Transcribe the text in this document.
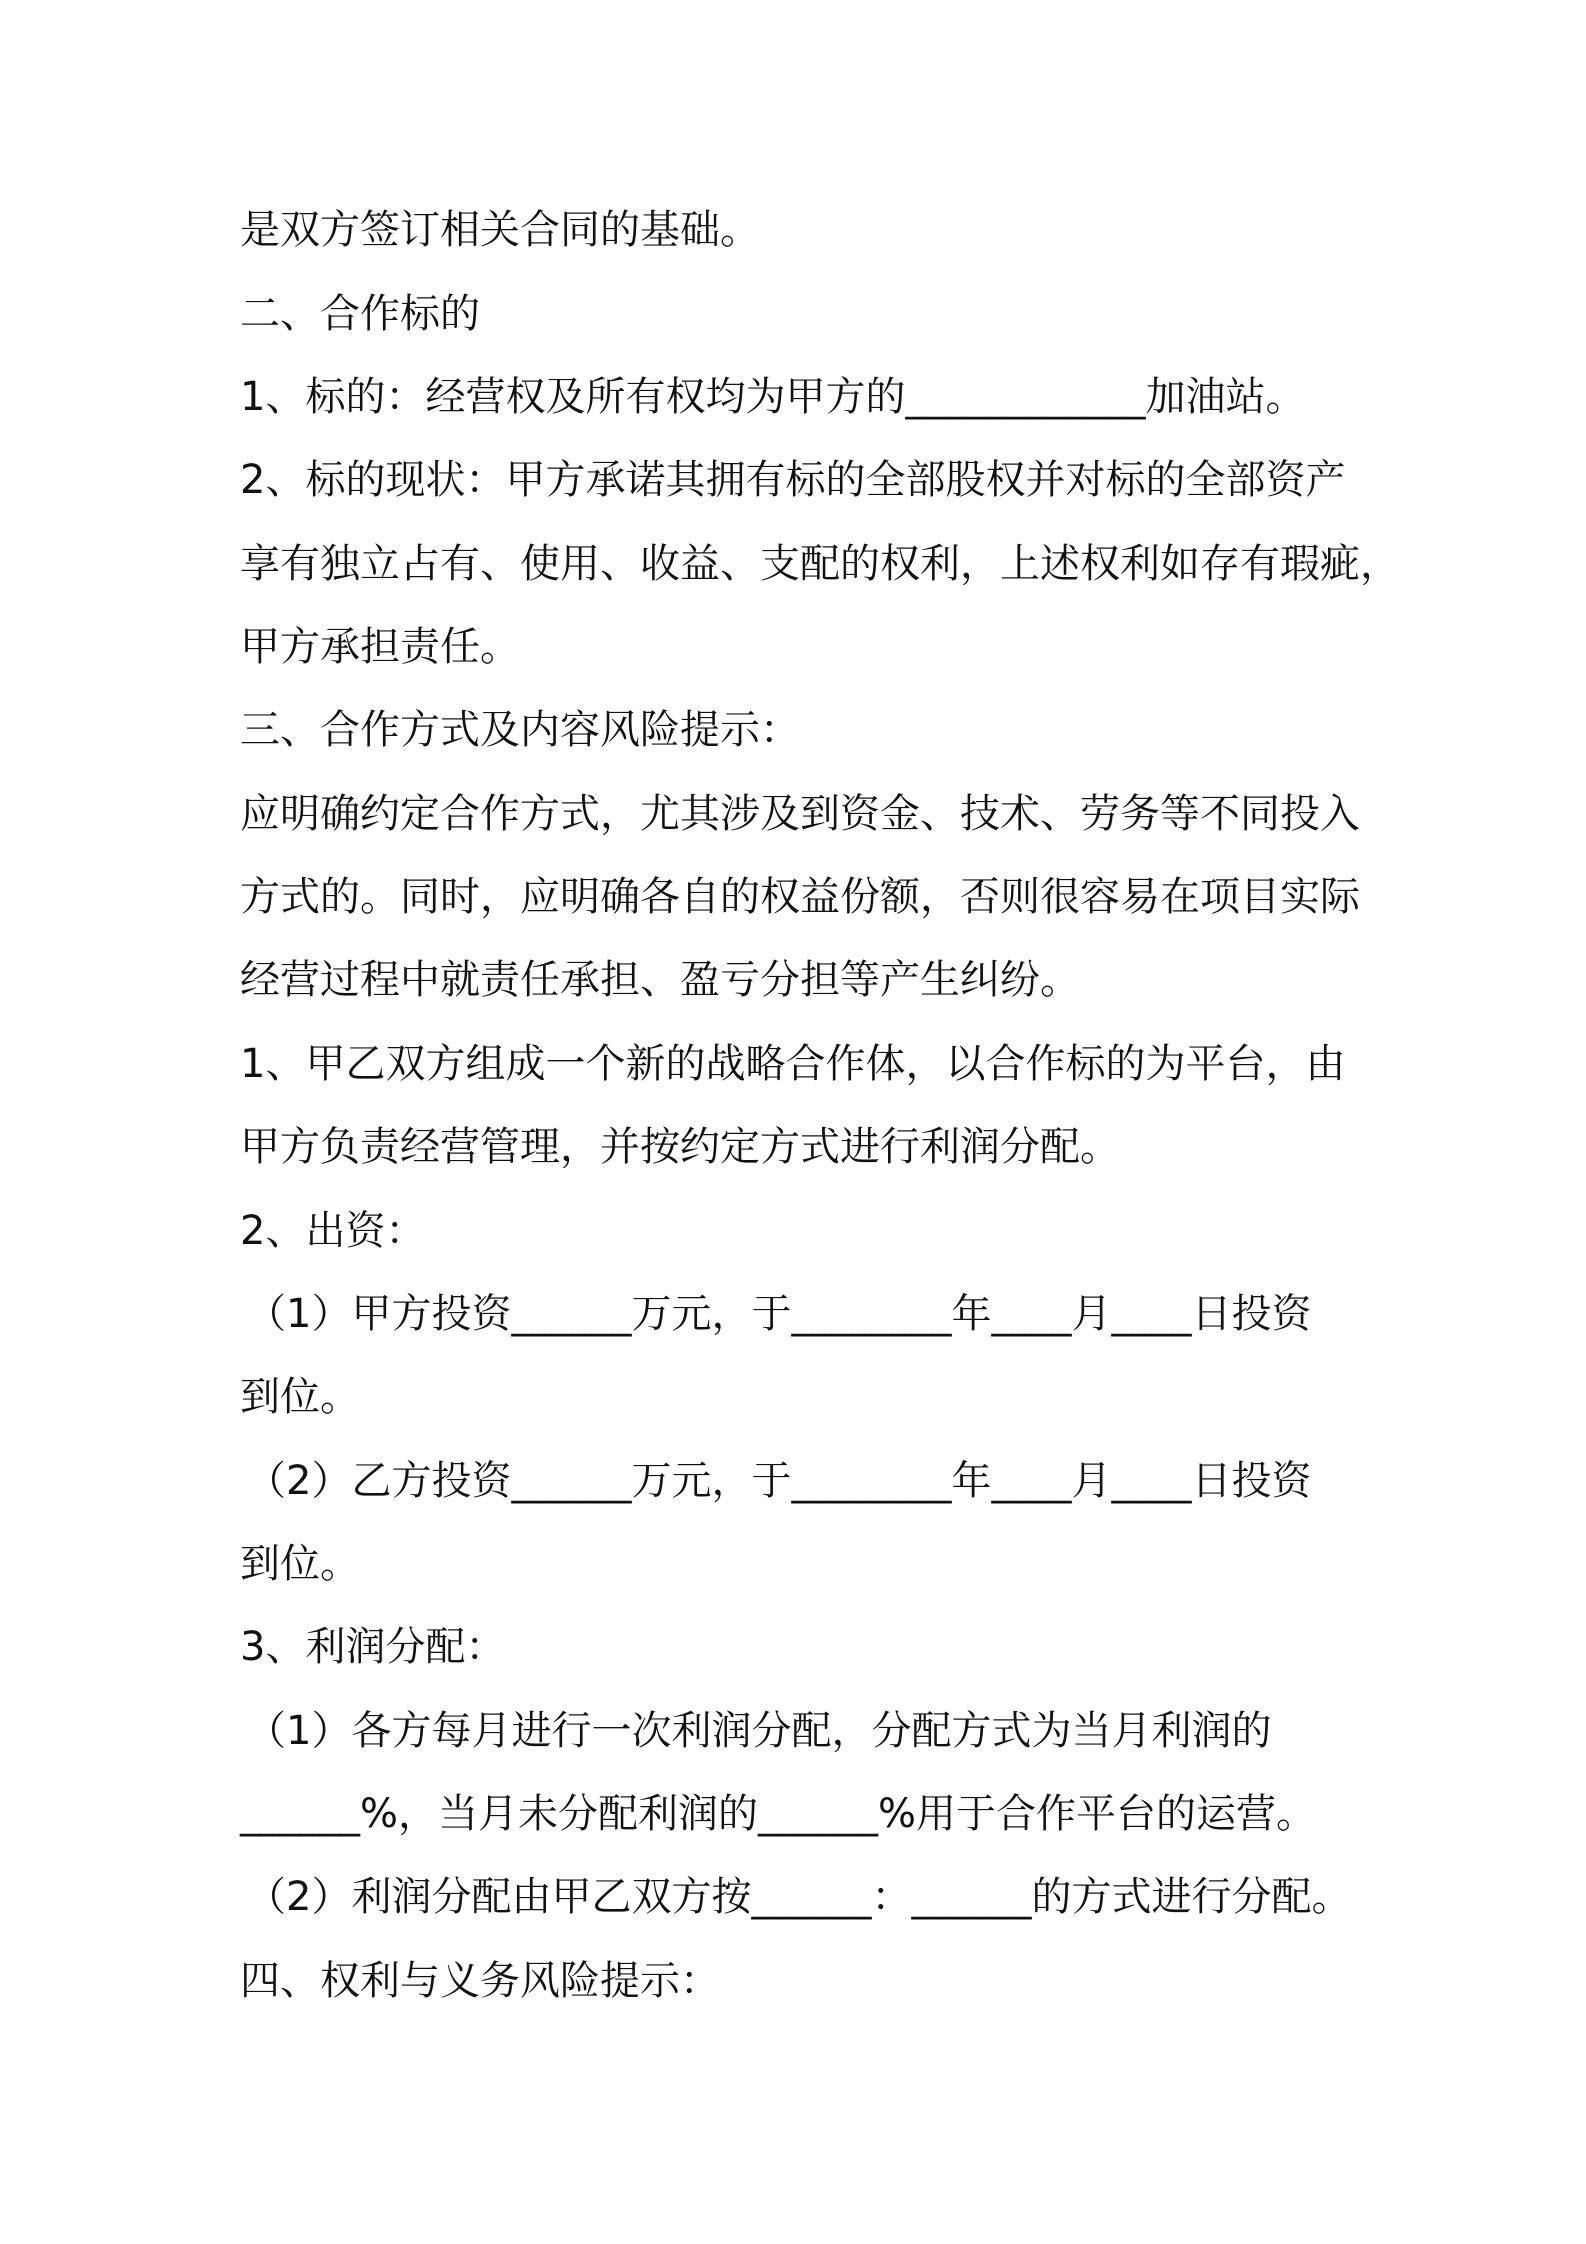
是双方签订相关合同的基础。
二、合作标的
1、标的：经营权及所有权均为甲方的____________加油站。
2、标的现状：甲方承诺其拥有标的全部股权并对标的全部资产
享有独立占有、使用、收益、支配的权利，上述权利如存有瑕疵，
甲方承担责任。
三、合作方式及内容风险提示：
应明确约定合作方式，尤其涉及到资金、技术、劳务等不同投入
方式的。同时，应明确各自的权益份额，否则很容易在项目实际
经营过程中就责任承担、盈亏分担等产生纠纷。
1、甲乙双方组成一个新的战略合作体，以合作标的为平台，由
甲方负责经营管理，并按约定方式进行利润分配。
2、出资：
（1）甲方投资______万元，于________年____月____日投资
到位。
（2）乙方投资______万元，于________年____月____日投资
到位。
3、利润分配：
（1）各方每月进行一次利润分配，分配方式为当月利润的
______%，当月未分配利润的______%用于合作平台的运营。
（2）利润分配由甲乙双方按______：______的方式进行分配。
四、权利与义务风险提示：
